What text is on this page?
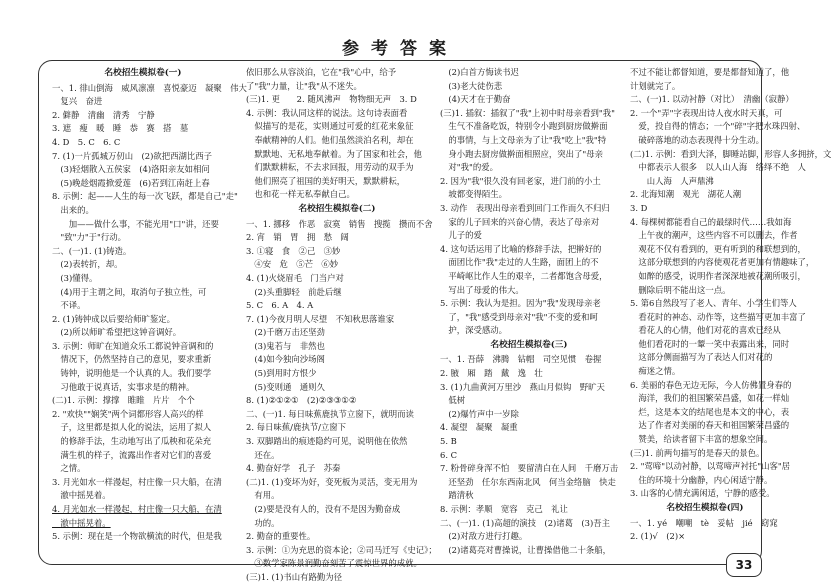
参考答案
名校招生模拟卷(一)
一、1. 徘山倒海　威风凛凛　喜悦豪迈　凝聚　伟大
　复兴　奋进
2. 僻静　清幽　清秀　宁静
3. 遮　瘦　暖　睡　恭　赛　搭　墓
4. D　5. C　6. C
7. (1)一片孤城万仞山　(2)欲把西湖比西子
　(3)轻烟散入五侯家　(4)洛阳亲友如相问
　(5)晚趁烟霞掀爱莲　(6)若到江南赶上春
8. 示例：起——人生的每一次飞跃，都是自己"走"
　出来的。
　　加——做什么事，不能光用"口"讲，还要
　"致"力"于"行动。
二、(一)1. (1)铸造。
　(2)表转折，却。
　(3)懂得。
　(4)用于主谓之间，取消句子独立性，可
　不译。
2. (1)铸钟成以后要给师旷鉴定。
　(2)所以师旷希望把这钟音调好。
3. 示例：师旷在知道众乐工都说钟音调和的
　情况下，仍然坚持自己的意见，要求重新
　铸钟，说明他是一个认真的人。我们要学
　习他敢于说真话，实事求是的精神。
(二)1. 示例：撑撑　睢睢　片片　个个
2. "欢快""娴笑"两个词都形容人高兴的样
　子，这里都是拟人化的说法，运用了拟人
　的修辞手法，生动地写出了瓜秧和花朵充
　满生机的样子，流露出作者对它们的喜爱
　之情。
3. 月光如水一样漫起，村庄像一只大船，在清
　澈中摇晃着。
4. 月光如水一样漫起，村庄像一只大船，在清
　澈中摇晃着。
5. 示例：现在是一个物欲横流的时代，但是我
依旧那么从容淡泊，它在"我"心中，给予
了"我"力量，让"我"从不迷失。
(三)1. 更　　2. 随风沸声　物物细无声　3. D
4. 示例：我认同这样的说法。这句诗表面看
　似描写的是花，实则通过可爱的红花来象征
　奉献精神的人们。他们虽然淡泊名利，却在
　默默地、无私地奉献着。为了国家和社会，他
　们默默耕耘，不去求回报，用劳动的双手为
　他们照亮了祖国的美好明天，默默耕耘，
　也和花一样无私奉献自己。
名校招生模拟卷(二)
一、1. 挪移　作恶　寂寞　销售　搜揽　攒而不舍
2. 宵　销　胃　拥　愁　阔
3. ①寝　食　②己　③妙
　④安　危　⑤芒　⑥妙
4. (1)火烧眉毛　门当户对
　(2)头重脚轻　前赴后继
5. C　6. A　4. A
7. (1)今夜月明人尽望　不知秋思落谁家
　(2)千磨万击还坚劲
　(3)鬼若与　非然也
　(4)如今独向沙场阁
　(5)到用时方恨少
　(5)变则通　通则久
8. (1)②①②①　(2)②③③①②
二、(一)1. 每日味蕉鹿执节立窗下，就明而读
2. 每日味蕉/鹿执节/立窗下
3. 双脚踏出的痕迹隐约可见，说明他在依然
　还在。
4. 勤奋好学　孔子　苏秦
(二)1. (1)变坏为好，变死板为灵活，变无用为
　有用。
　(2)要是没有人的，没有不是因为勤奋成
　功的。
2. 勤奋的重要性。
3. 示例：①为充思的资本论；②司马迁写《史记》；
　③数学家陈景润勤奋刻苦了震惊世界的成就。
(三)1. (1)书山有路勤为径
　(2)白首方悔读书迟
　(3)老大徒伤悲
　(4)天才在于勤奋
(三)1. 插叙：插叙了"我"上初中时母亲看到"我"
　生气不准备吃饭，特别令小跑到厨房做擀面
　的事情，与上文母亲为了让"我"吃上"我"特
　身小跑去厨房做擀面相照应，突出了"母亲
　对"我"的爱。
2. 因为"我"很久没有回老家，进门前的小土
　坡都变得陌生。
3. 动作　表现出母亲看到回门工作而久不归归
　家的儿子回来的兴奋心情，表达了母亲对
　儿子的爱
4. 这句话运用了比喻的修辞手法，把擀好的
　面团比作"我"走过的人生路，面团上的不
　平崎岖比作人生的艰辛，二者都饱含母爱，
　写出了母爱的伟大。
5. 示例：我认为是担。因为"我"发现母亲老
　了，"我"感受到母亲对"我"不变的爱和呵
　护，深受感动。
名校招生模拟卷(三)
一、1. 吾薛　沸腾　钻帽　司空见惯　卷握
2. 腋　厢　踏　戴　逸　壮
3. (1)九曲黄河万里沙　燕山月似钩　野旷天
　低树
　(2)爆竹声中一岁除
4. 凝望　凝聚　凝重
5. B
6. C
7. 粉骨碎身浑不怕　要留清白在人间　千磨万击
　还坚劲　任尔东西南北风　何当金络脑　快走
　踏清秋
8. 示例：孝顺　宽容　克己　礼让
二、(一)1. (1)高超的演技　(2)诸葛　(3)吾主
　(2)对敌方进行打趣。
　(2)诸葛亮对曹操说，让曹操借他二十条船，
不过不能让都督知道，要是都督知道了，他
计划就完了。
二、(一)1. 以动衬静（对比）　清幽（寂静）
2. 一个"弄"字表现出诗人夜水时天真，可
　爱，投自得的情态；一个"碎"字把水珠四射、
　破碎落地的动态表现得十分生动。
(二)1. 示例：看到大泽，脚睡站脚，形容人多拥挤，文
　中都表示人很多　以人山人海　络绎不绝　人
　　山人海　人声鼎沸
2. 北海知潮　观光　湖花人潮
3. D
4. 每棵树都能看自己的最绿时代……我如海
　上午夜的潮声，这些内容不可以删去，作者
　观花不仅有看到的，更有听到的和联想到的，
　这部分联想到的内容使观花者更加有情趣味了，
　如醉的感受，说明作者深深地被花潮所吸引，
　删除后明不能出这一点。
5. 第6自然段写了老人、青年、小学生们等人
　看花时的神态、动作等，这些描写更加丰富了
　看花人的心情，他们对花的喜欢已经从
　他们看花时的一颦一笑中表露出来，同时
　这部分侧面描写为了表达人们对花的
　痴迷之情。
6. 美丽的春色无边无际，今人仿佛置身春的
　海洋，我们的祖国繁荣昌盛，如花一样灿
　烂，这是本文的结尾也是本文的中心，表
　达了作者对美丽的春天和祖国繁荣昌盛的
　赞美，给读者留下丰富的想象空间。
(三)1. 前两句描写的是春天的景色。
2. "莺啼"以动衬静，以莺啼声衬托"山客"居
　住的环境十分幽静，内心闲适宁静。
3. 山客的心情充满闲适，宁静的感受。
名校招生模拟卷(四)
一、1. yé　嘲嘲　tè　妥帖　jié　窈窕
2. (1)√　(2)×
33
